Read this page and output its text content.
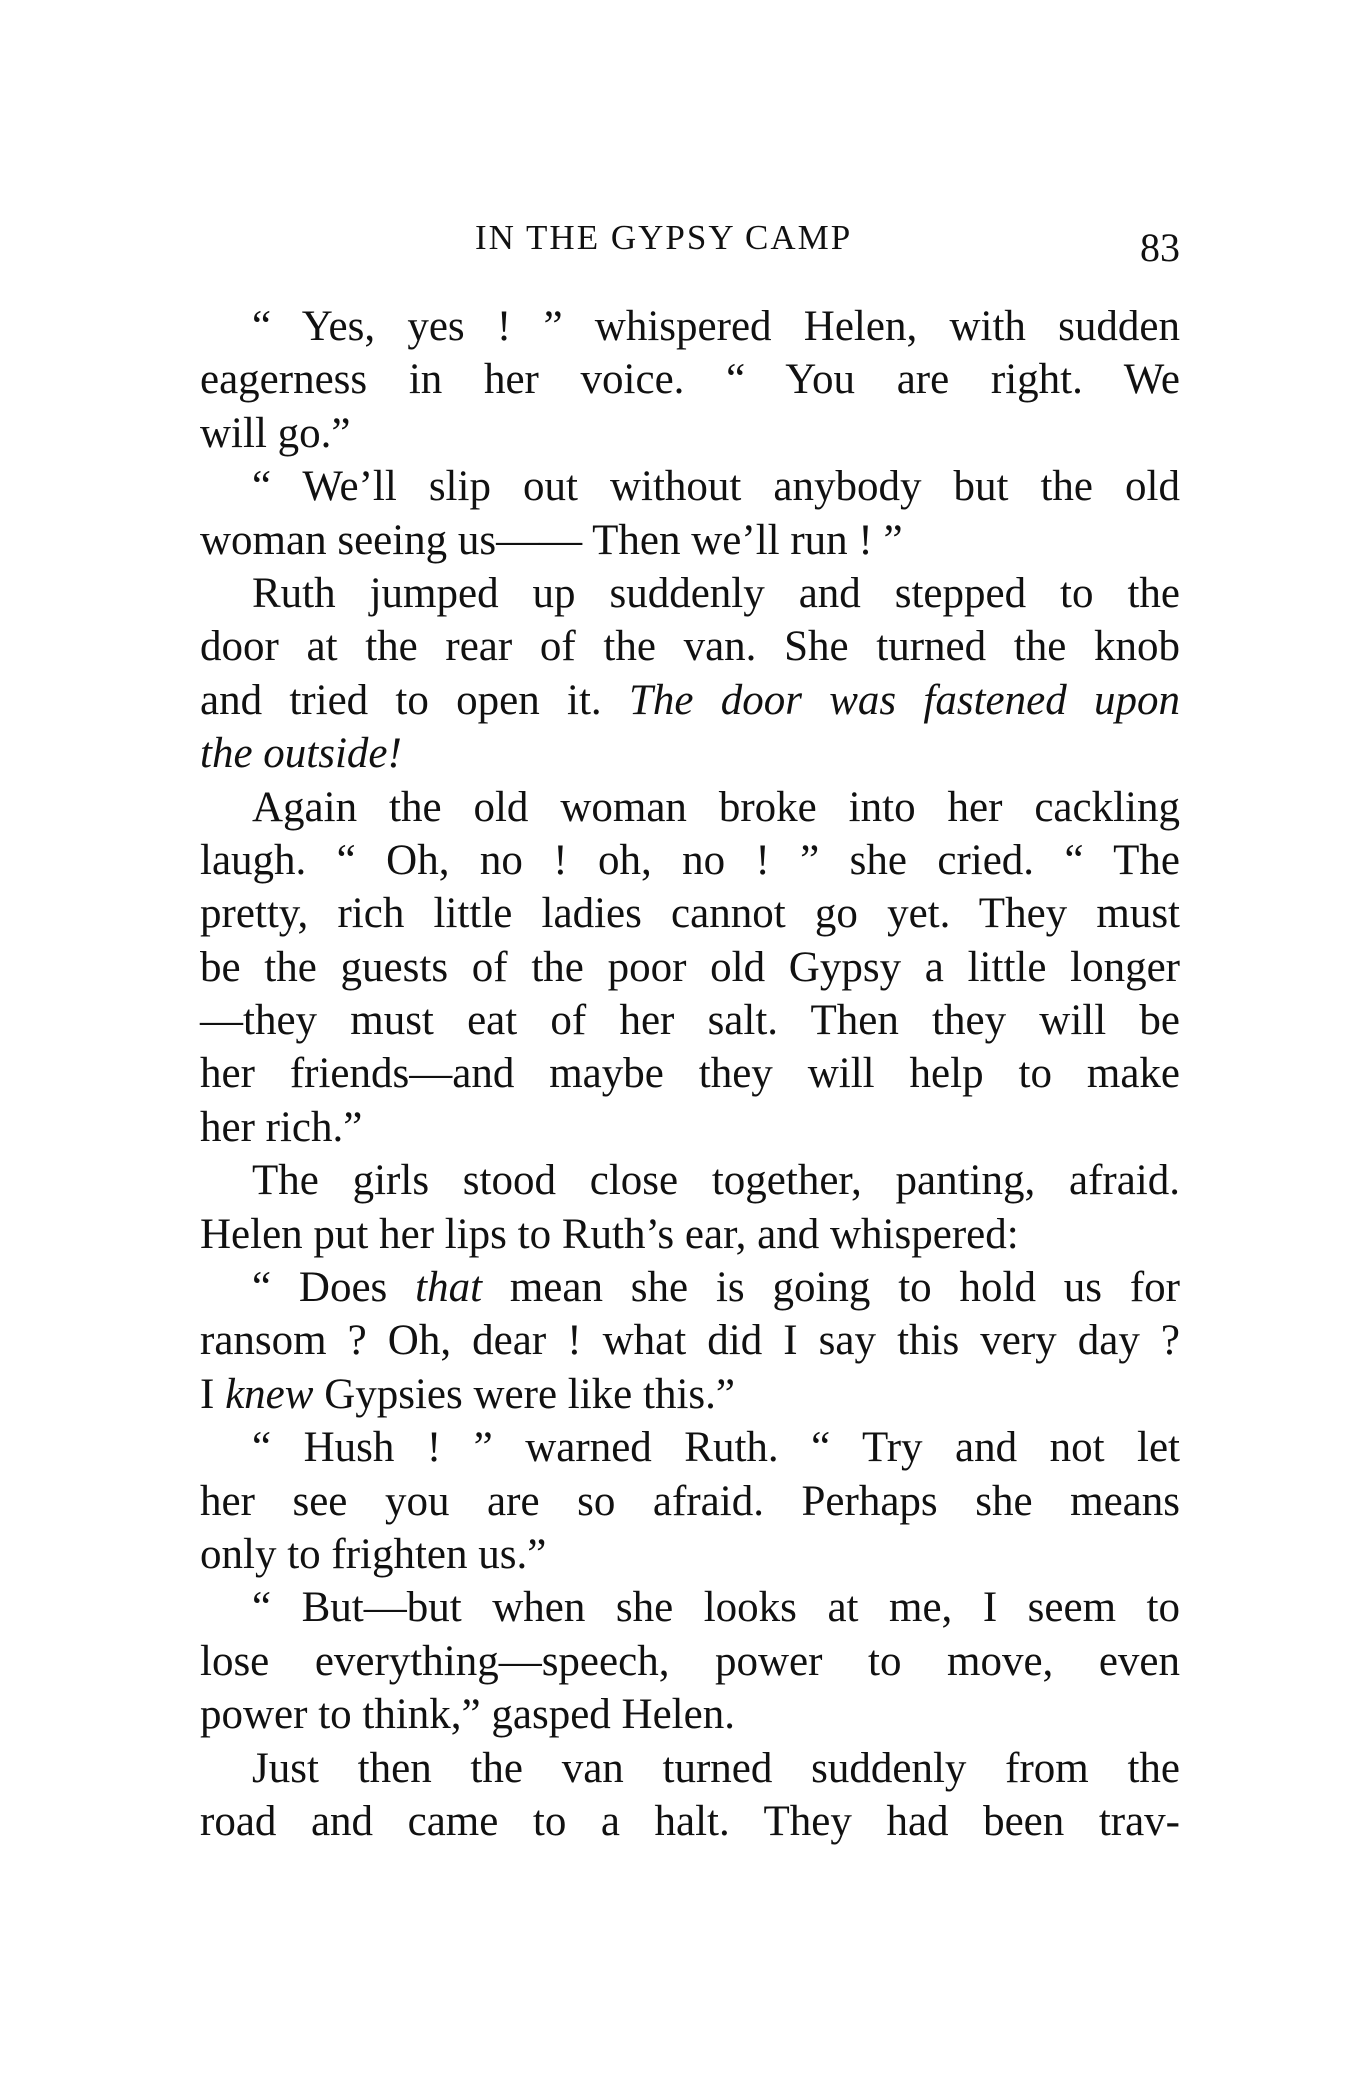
IN THE GYPSY CAMP	83
“ Yes, yes ! ” whispered Helen, with sudden
eagerness in her voice. “ You are right. We
will go.”
“ We’ll slip out without anybody but the old
woman seeing us—— Then we’ll run ! ”
Ruth jumped up suddenly and stepped to the
door at the rear of the van. She turned the knob
and tried to open it. The door was fastened upon
the outside!
Again the old woman broke into her cackling
laugh. “ Oh, no ! oh, no ! ” she cried. “ The
pretty, rich little ladies cannot go yet. They must
be the guests of the poor old Gypsy a little longer
—they must eat of her salt. Then they will be
her friends—and maybe they will help to make
her rich.”
The girls stood close together, panting, afraid.
Helen put her lips to Ruth’s ear, and whispered:
“ Does that mean she is going to hold us for
ransom ? Oh, dear ! what did I say this very day ?
I knew Gypsies were like this.”
“ Hush ! ” warned Ruth. “ Try and not let
her see you are so afraid. Perhaps she means
only to frighten us.”
“ But—but when she looks at me, I seem to
lose everything—speech, power to move, even
power to think,” gasped Helen.
Just then the van turned suddenly from the
road and came to a halt. They had been trav-
